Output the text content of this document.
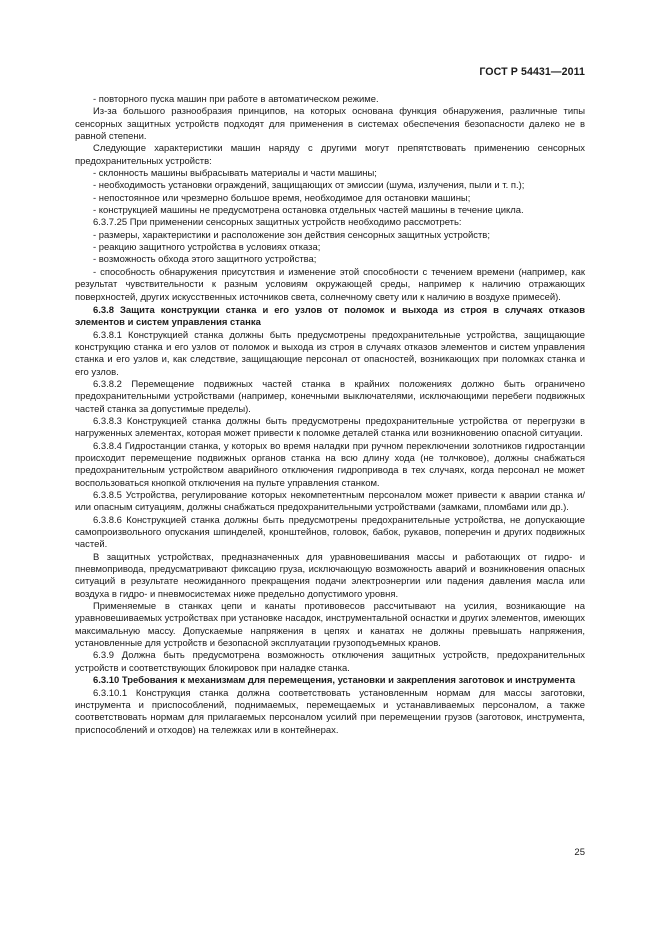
ГОСТ Р 54431—2011

- повторного пуска машин при работе в автоматическом режиме.

Из-за большого разнообразия принципов, на которых основана функция обнаружения, различные типы сенсорных защитных устройств подходят для применения в системах обеспечения безопасности далеко не в равной степени.

Следующие характеристики машин наряду с другими могут препятствовать применению сенсорных предохранительных устройств:

- склонность машины выбрасывать материалы и части машины;

- необходимость установки ограждений, защищающих от эмиссии (шума, излучения, пыли и т. п.);

- непостоянное или чрезмерно большое время, необходимое для остановки машины;

- конструкцией машины не предусмотрена остановка отдельных частей машины в течение цикла.

6.3.7.25 При применении сенсорных защитных устройств необходимо рассмотреть:

- размеры, характеристики и расположение зон действия сенсорных защитных устройств;

- реакцию защитного устройства в условиях отказа;

- возможность обхода этого защитного устройства;

- способность обнаружения присутствия и изменение этой способности с течением времени (например, как результат чувствительности к разным условиям окружающей среды, например к наличию отражающих поверхностей, других искусственных источников света, солнечному свету или к наличию в воздухе примесей).

6.3.8 Защита конструкции станка и его узлов от поломок и выхода из строя в случаях отказов элементов и систем управления станка

6.3.8.1 Конструкцией станка должны быть предусмотрены предохранительные устройства, защищающие конструкцию станка и его узлов от поломок и выхода из строя в случаях отказов элементов и систем управления станка и его узлов и, как следствие, защищающие персонал от опасностей, возникающих при поломках станка и его узлов.

6.3.8.2 Перемещение подвижных частей станка в крайних положениях должно быть ограничено предохранительными устройствами (например, конечными выключателями, исключающими перебеги подвижных частей станка за допустимые пределы).

6.3.8.3 Конструкцией станка должны быть предусмотрены предохранительные устройства от перегрузки в нагруженных элементах, которая может привести к поломке деталей станка или возникновению опасной ситуации.

6.3.8.4 Гидростанции станка, у которых во время наладки при ручном переключении золотников гидростанции происходит перемещение подвижных органов станка на всю длину хода (не толчковое), должны снабжаться предохранительным устройством аварийного отключения гидропривода в тех случаях, когда персонал не может воспользоваться кнопкой отключения на пульте управления станком.

6.3.8.5 Устройства, регулирование которых некомпетентным персоналом может привести к аварии станка и/или опасным ситуациям, должны снабжаться предохранительными устройствами (замками, пломбами или др.).

6.3.8.6 Конструкцией станка должны быть предусмотрены предохранительные устройства, не допускающие самопроизвольного опускания шпинделей, кронштейнов, головок, бабок, рукавов, поперечин и других подвижных частей.

В защитных устройствах, предназначенных для уравновешивания массы и работающих от гидро- и пневмопривода, предусматривают фиксацию груза, исключающую возможность аварий и возникновения опасных ситуаций в результате неожиданного прекращения подачи электроэнергии или падения давления масла или воздуха в гидро- и пневмосистемах ниже предельно допустимого уровня.

Применяемые в станках цепи и канаты противовесов рассчитывают на усилия, возникающие на уравновешиваемых устройствах при установке насадок, инструментальной оснастки и других элементов, имеющих максимальную массу. Допускаемые напряжения в цепях и канатах не должны превышать напряжения, установленные для устройств и безопасной эксплуатации грузоподъемных кранов.

6.3.9 Должна быть предусмотрена возможность отключения защитных устройств, предохранительных устройств и соответствующих блокировок при наладке станка.

6.3.10 Требования к механизмам для перемещения, установки и закрепления заготовок и инструмента

6.3.10.1 Конструкция станка должна соответствовать установленным нормам для массы заготовки, инструмента и приспособлений, поднимаемых, перемещаемых и устанавливаемых персоналом, а также соответствовать нормам для прилагаемых персоналом усилий при перемещении грузов (заготовок, инструмента, приспособлений и отходов) на тележках или в контейнерах.

25
